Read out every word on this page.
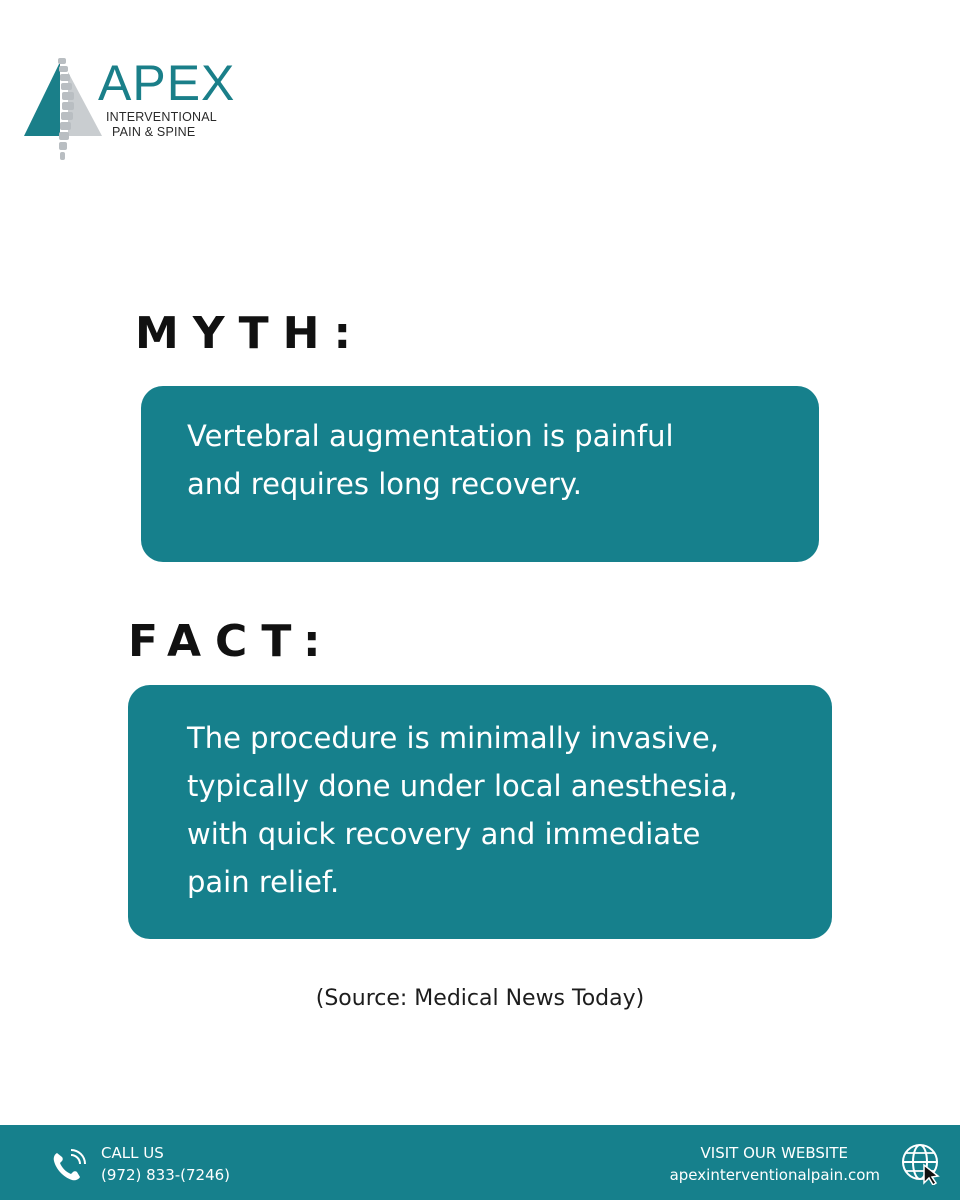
APEX
INTERVENTIONAL
PAIN & SPINE
MYTH:
Vertebral augmentation is painful
and requires long recovery.
FACT:
The procedure is minimally invasive,
typically done under local anesthesia,
with quick recovery and immediate
pain relief.
(Source: Medical News Today)
CALL US
(972) 833-(7246)
VISIT OUR WEBSITE
apexinterventionalpain.com
